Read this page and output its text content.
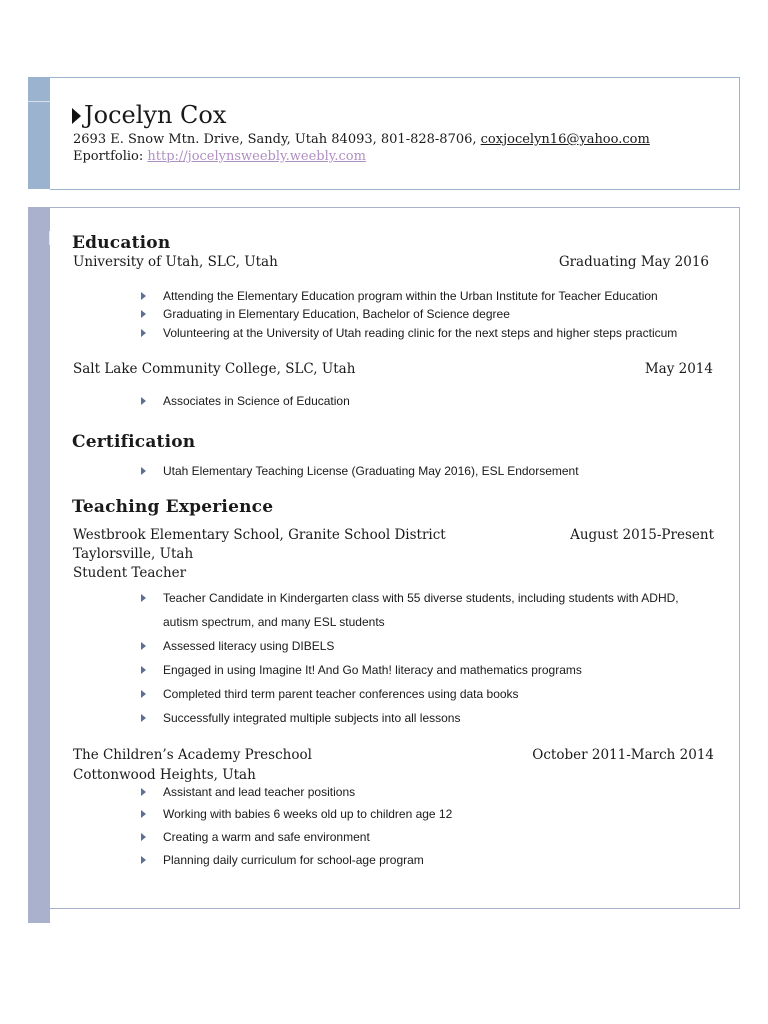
Jocelyn Cox
2693 E. Snow Mtn. Drive, Sandy, Utah 84093, 801-828-8706, coxjocelyn16@yahoo.com
Eportfolio: http://jocelynsweebly.weebly.com
Education
University of Utah, SLC, Utah	Graduating May 2016
Attending the Elementary Education program within the Urban Institute for Teacher Education
Graduating in Elementary Education, Bachelor of Science degree
Volunteering at the University of Utah reading clinic for the next steps and higher steps practicum
Salt Lake Community College, SLC, Utah	May 2014
Associates in Science of Education
Certification
Utah Elementary Teaching License (Graduating May 2016), ESL Endorsement
Teaching Experience
Westbrook Elementary School, Granite School District	August 2015-Present
Taylorsville, Utah
Student Teacher
Teacher Candidate in Kindergarten class with 55 diverse students, including students with ADHD,
autism spectrum, and many ESL students
Assessed literacy using DIBELS
Engaged in using Imagine It! And Go Math! literacy and mathematics programs
Completed third term parent teacher conferences using data books
Successfully integrated multiple subjects into all lessons
The Children’s Academy Preschool	October 2011-March 2014
Cottonwood Heights, Utah
Assistant and lead teacher positions
Working with babies 6 weeks old up to children age 12
Creating a warm and safe environment
Planning daily curriculum for school-age program
